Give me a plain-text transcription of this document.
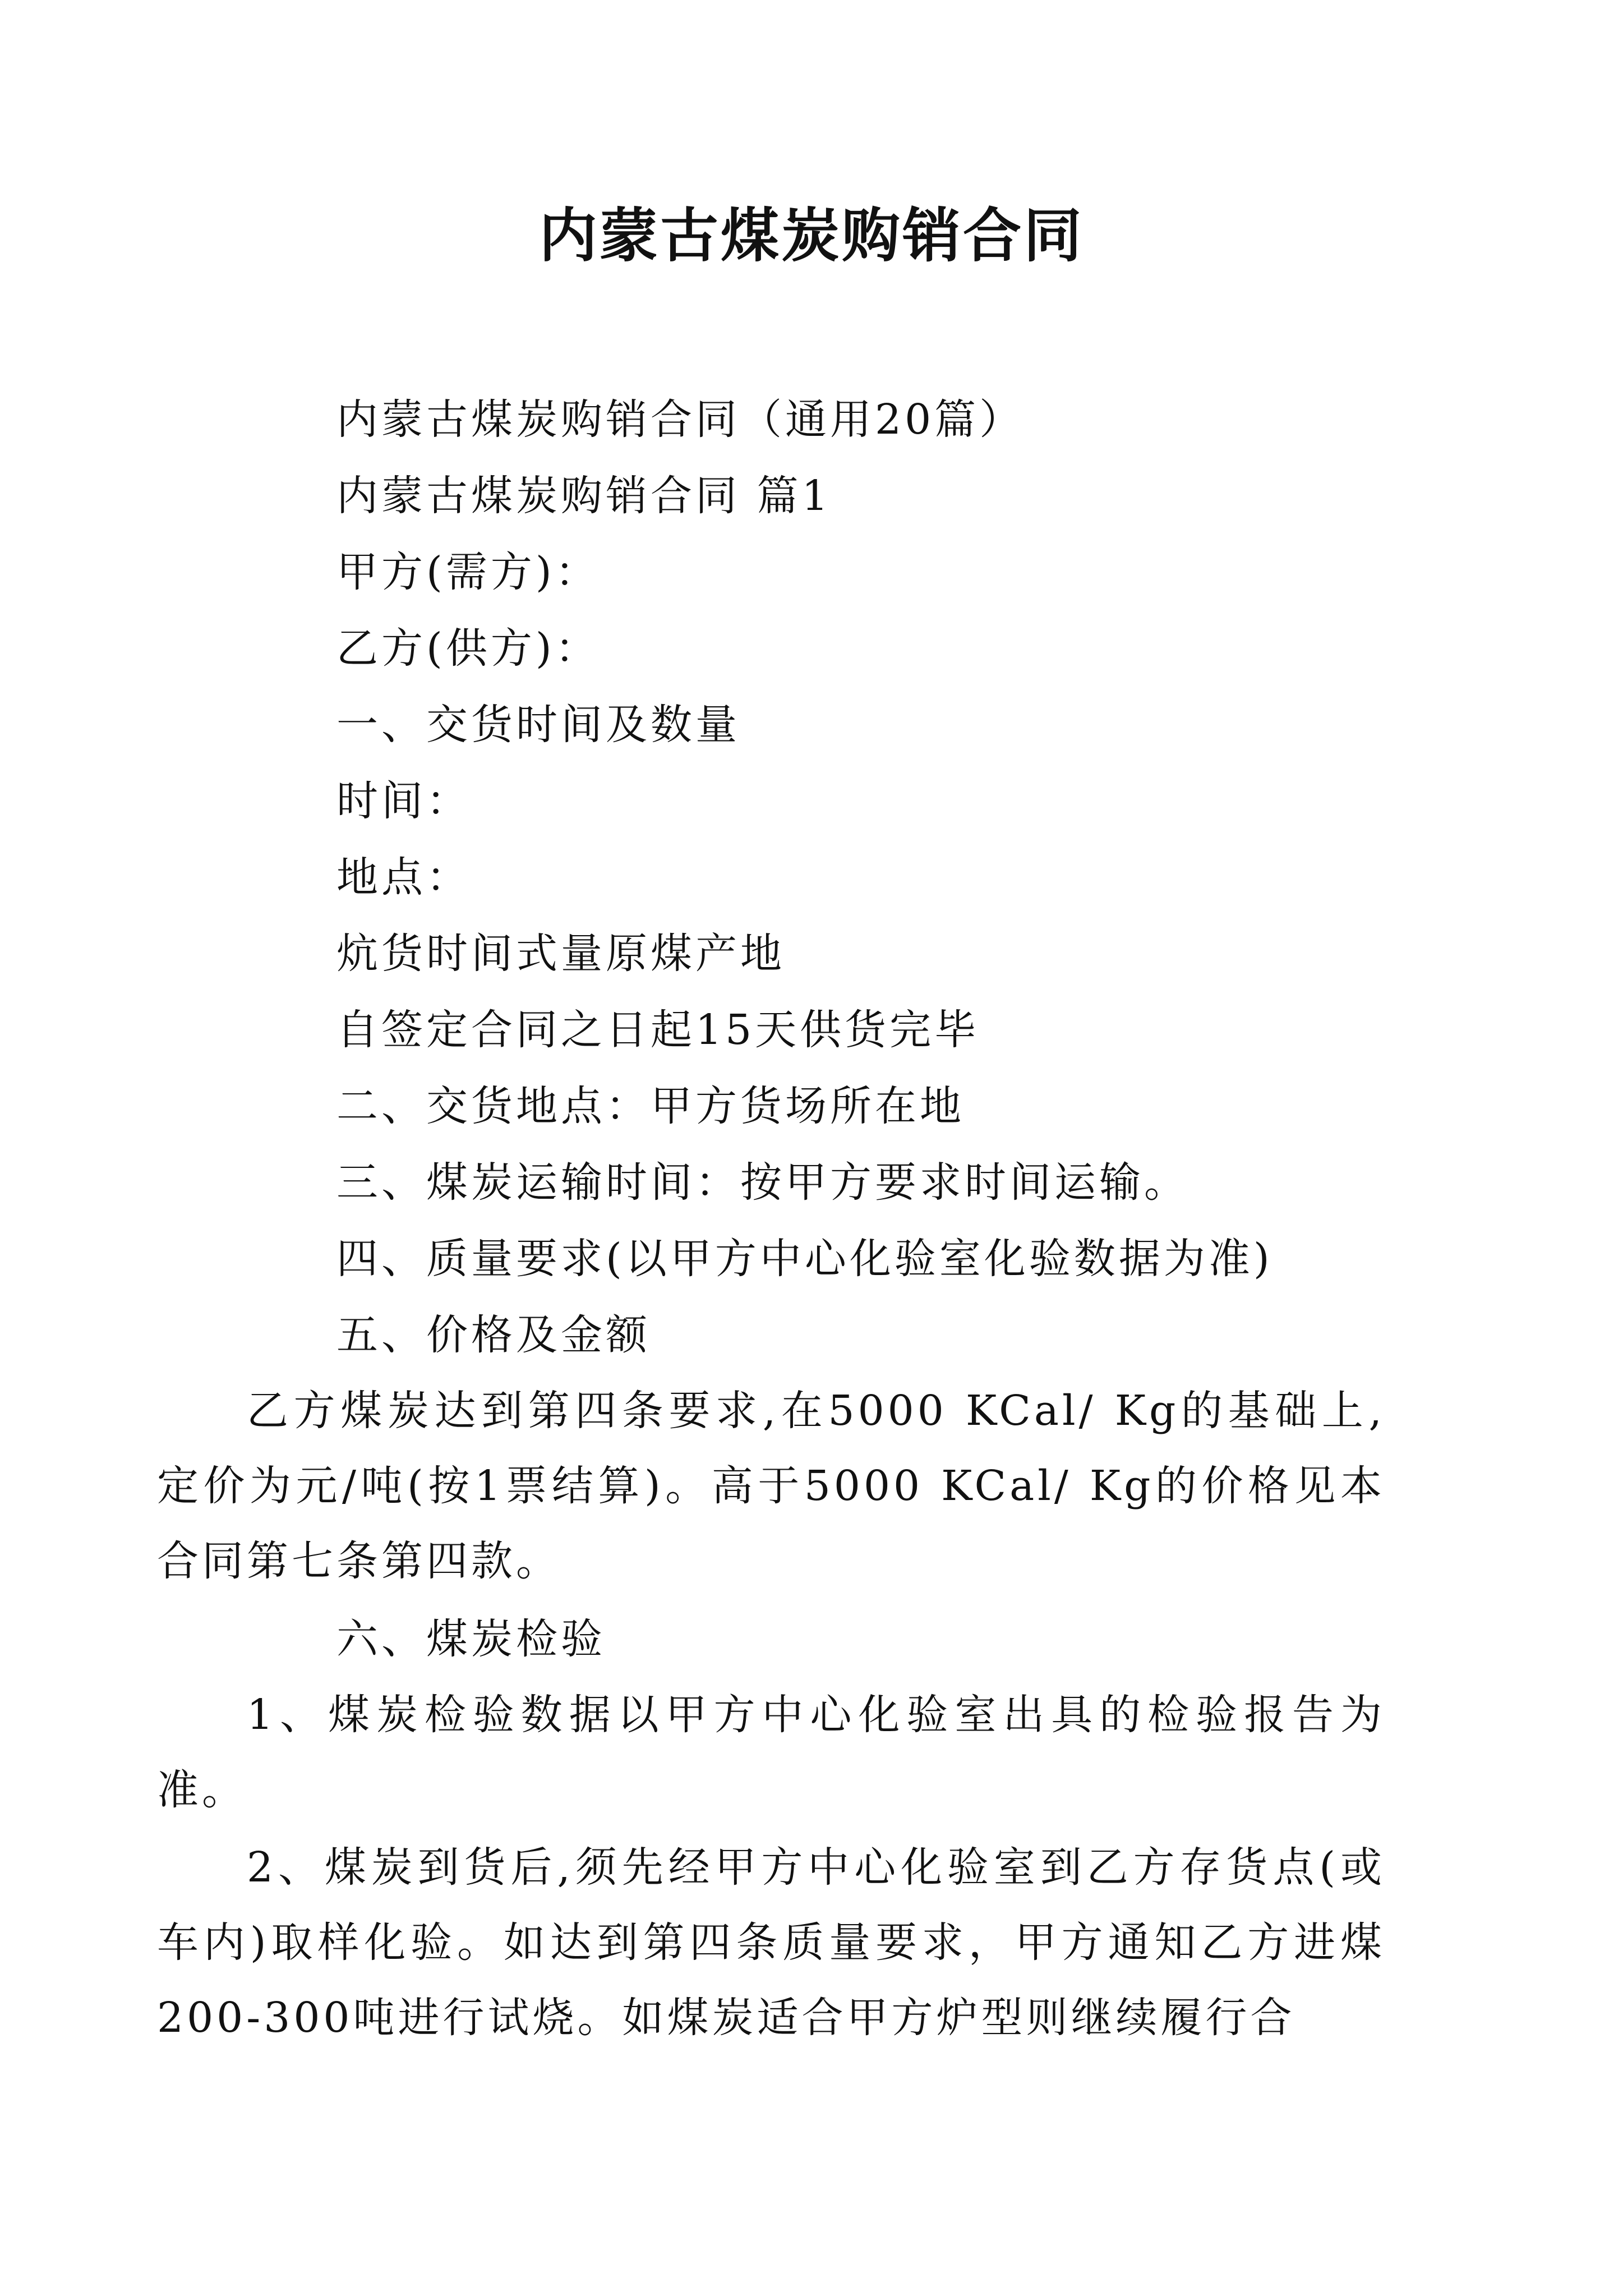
内蒙古煤炭购销合同

内蒙古煤炭购销合同（通用20篇）

内蒙古煤炭购销合同 篇1

甲方(需方)：

乙方(供方)：

一、交货时间及数量

时间：

地点：

炕货时间式量原煤产地

自签定合同之日起15天供货完毕

二、交货地点：甲方货场所在地

三、煤炭运输时间：按甲方要求时间运输。

四、质量要求(以甲方中心化验室化验数据为准)

五、价格及金额

乙方煤炭达到第四条要求,在5000 KCal/ Kg的基础上,定价为元/吨(按1票结算)。高于5000 KCal/ Kg的价格见本合同第七条第四款。

六、煤炭检验

1、煤炭检验数据以甲方中心化验室出具的检验报告为准。

2、煤炭到货后,须先经甲方中心化验室到乙方存货点(或车内)取样化验。如达到第四条质量要求，甲方通知乙方进煤200-300吨进行试烧。如煤炭适合甲方炉型则继续履行合
